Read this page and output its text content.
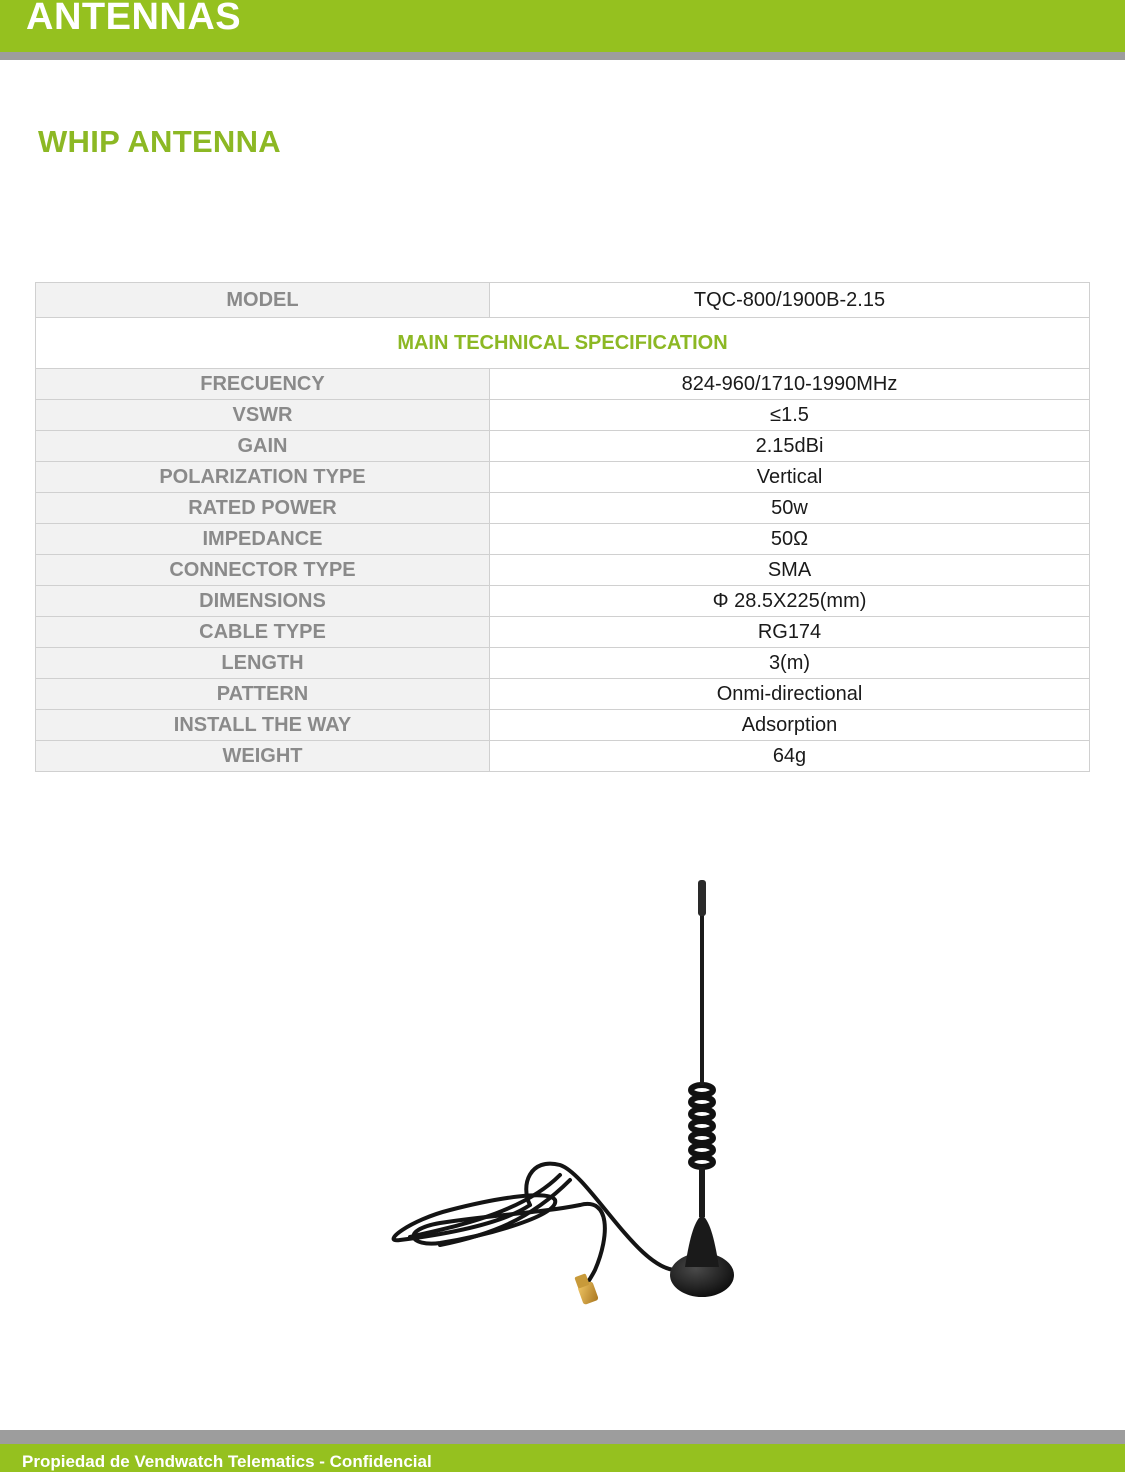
ANTENNAS
WHIP ANTENNA
MODEL	TQC-800/1900B-2.15
MAIN TECHNICAL SPECIFICATION	
FRECUENCY	824-960/1710-1990MHz
VSWR	≤1.5
GAIN	2.15dBi
POLARIZATION TYPE	Vertical
RATED POWER	50w
IMPEDANCE	50Ω
CONNECTOR TYPE	SMA
DIMENSIONS	Φ 28.5X225(mm)
CABLE TYPE	RG174
LENGTH	3(m)
PATTERN	Onmi-directional
INSTALL THE WAY	Adsorption
WEIGHT	64g
Propiedad de Vendwatch Telematics - Confidencial
